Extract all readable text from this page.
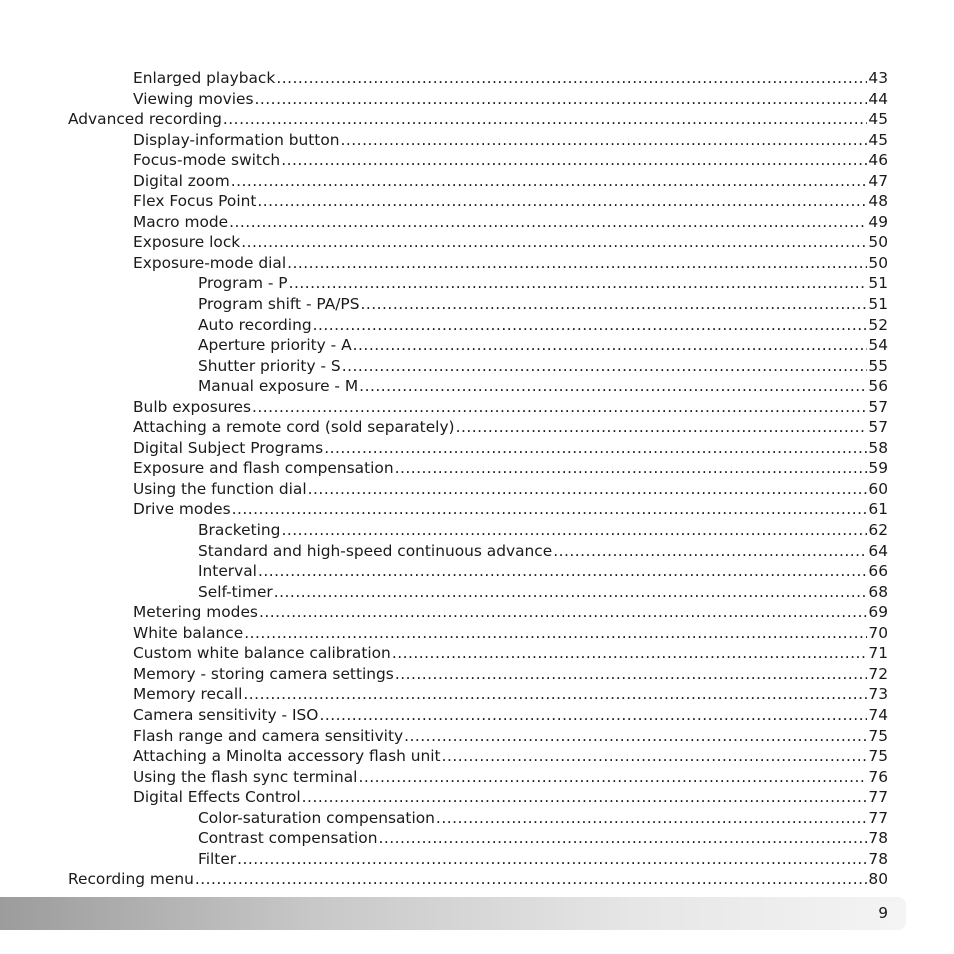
Enlarged playback .....	43
Viewing movies .....	44
Advanced recording .....	45
Display-information button .....	45
Focus-mode switch .....	46
Digital zoom .....	47
Flex Focus Point .....	48
Macro mode .....	49
Exposure lock .....	50
Exposure-mode dial .....	50
Program - P .....	51
Program shift - PA/PS .....	51
Auto recording .....	52
Aperture priority - A .....	54
Shutter priority - S .....	55
Manual exposure - M .....	56
Bulb exposures .....	57
Attaching a remote cord (sold separately) .....	57
Digital Subject Programs .....	58
Exposure and flash compensation .....	59
Using the function dial .....	60
Drive modes .....	61
Bracketing .....	62
Standard and high-speed continuous advance .....	64
Interval .....	66
Self-timer .....	68
Metering modes .....	69
White balance .....	70
Custom white balance calibration .....	71
Memory - storing camera settings .....	72
Memory recall .....	73
Camera sensitivity - ISO .....	74
Flash range and camera sensitivity .....	75
Attaching a Minolta accessory flash unit .....	75
Using the flash sync terminal .....	76
Digital Effects Control .....	77
Color-saturation compensation .....	77
Contrast compensation .....	78
Filter .....	78
Recording menu .....	80
9
